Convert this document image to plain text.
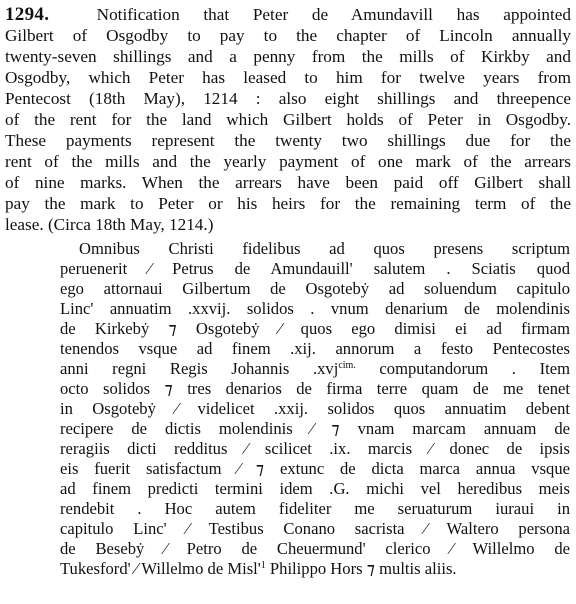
1294.	Notification that Peter de Amundavill has appointed
Gilbert of Osgodby to pay to the chapter of Lincoln annually
twenty-seven shillings and a penny from the mills of Kirkby and
Osgodby, which Peter has leased to him for twelve years from
Pentecost (18th May), 1214 : also eight shillings and threepence
of the rent for the land which Gilbert holds of Peter in Osgodby.
These payments represent the twenty two shillings due for the
rent of the mills and the yearly payment of one mark of the arrears
of nine marks. When the arrears have been paid off Gilbert shall
pay the mark to Peter or his heirs for the remaining term of the
lease. (Circa 18th May, 1214.)
Omnibus Christi fidelibus ad quos presens scriptum
peruenerit ⁄ Petrus de Amundauill' salutem . Sciatis quod
ego attornaui Gilbertum de Osgotebẏ ad soluendum capitulo
Linc' annuatim .xxvij. solidos . vnum denarium de molendinis
de Kirkebẏ ⁊ Osgotebẏ ⁄ quos ego dimisi ei ad firmam
tenendos vsque ad finem .xij. annorum a festo Pentecostes
anni regni Regis Johannis .xvj$^{cim.}$ computandorum . Item
octo solidos ⁊ tres denarios de firma terre quam de me tenet
in Osgotebẏ ⁄ videlicet .xxij. solidos quos annuatim debent
recipere de dictis molendinis ⁄ ⁊ vnam marcam annuam de
reragiis dicti redditus ⁄ scilicet .ix. marcis ⁄ donec de ipsis
eis fuerit satisfactum ⁄ ⁊ extunc de dicta marca annua vsque
ad finem predicti termini idem .G. michi vel heredibus meis
rendebit . Hoc autem fideliter me seruaturum iuraui in
capitulo Linc' ⁄ Testibus Conano sacrista ⁄ Waltero persona
de Besebẏ ⁄ Petro de Cheuermund' clerico ⁄ Willelmo de
Tukesford' ⁄ Willelmo de $Misl'^1$ Philippo Hors ⁊ multis aliis.
